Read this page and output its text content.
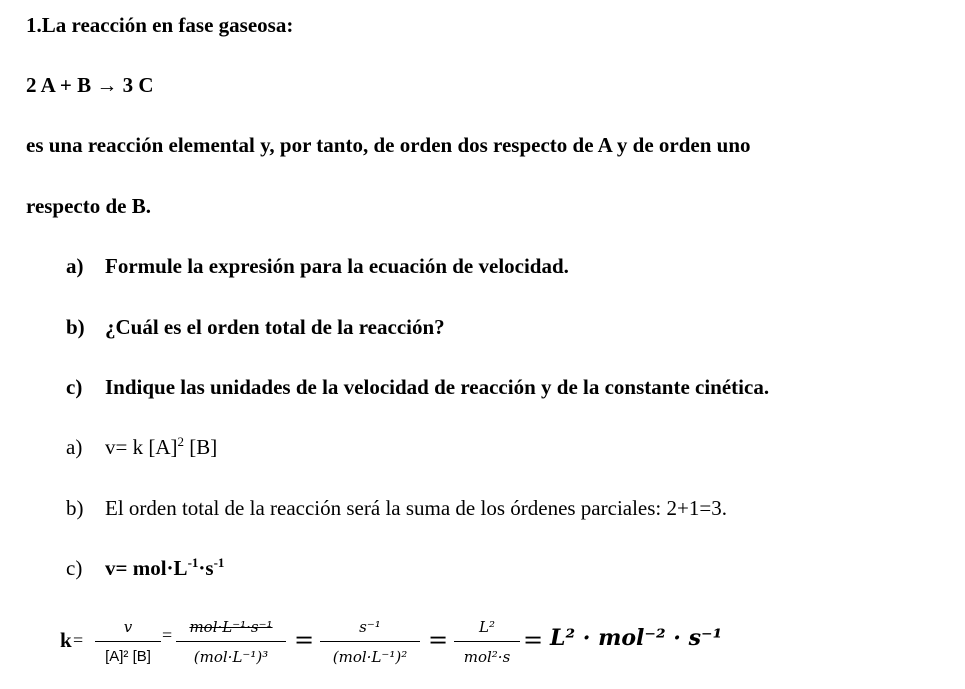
1.La reacción en fase gaseosa:
2 A + B → 3 C
es una reacción elemental y, por tanto, de orden dos respecto de A y de orden uno
respecto de B.
a) Formule la expresión para la ecuación de velocidad.
b) ¿Cuál es el orden total de la reacción?
c) Indique las unidades de la velocidad de reacción y de la constante cinética.
a) v= k $[A]^2$ [B]
b) El orden total de la reacción será la suma de los órdenes parciales: 2+1=3.
c) $v= mol\cdot L^{-1}\cdot s^{-1}$
k =
v
[A]² [B]
=	mol·L⁻¹·s⁻¹
(mol·L⁻¹)³
=	s⁻¹
(mol·L⁻¹)²
=	L²
mol²·s
= L² · mol⁻² · s⁻¹
